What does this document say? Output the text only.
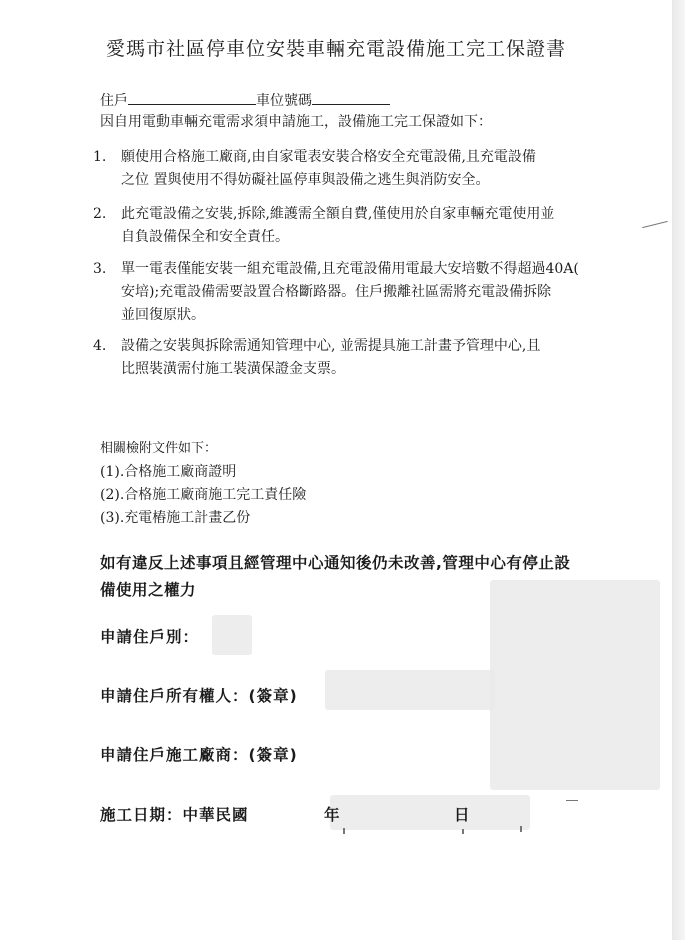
愛瑪市社區停車位安裝車輛充電設備施工完工保證書
住戶	車位號碼
因自用電動車輛充電需求須申請施工，設備施工完工保證如下：
1. 願使用合格施工廠商,由自家電表安裝合格安全充電設備,且充電設備
之位 置與使用不得妨礙社區停車與設備之逃生與消防安全。
2. 此充電設備之安裝,拆除,維護需全額自費,僅使用於自家車輛充電使用並
自負設備保全和安全責任。
3. 單一電表僅能安裝一組充電設備,且充電設備用電最大安培數不得超過40A(
安培);充電設備需要設置合格斷路器。住戶搬離社區需將充電設備拆除
並回復原狀。
4. 設備之安裝與拆除需通知管理中心, 並需提具施工計畫予管理中心,且
比照裝潢需付施工裝潢保證金支票。
相關檢附文件如下：
(1).合格施工廠商證明
(2).合格施工廠商施工完工責任險
(3).充電樁施工計畫乙份
如有違反上述事項且經管理中心通知後仍未改善,管理中心有停止設
備使用之權力
申請住戶別：
申請住戶所有權人：(簽章)
申請住戶施工廠商：(簽章)
施工日期：中華民國	年	日
